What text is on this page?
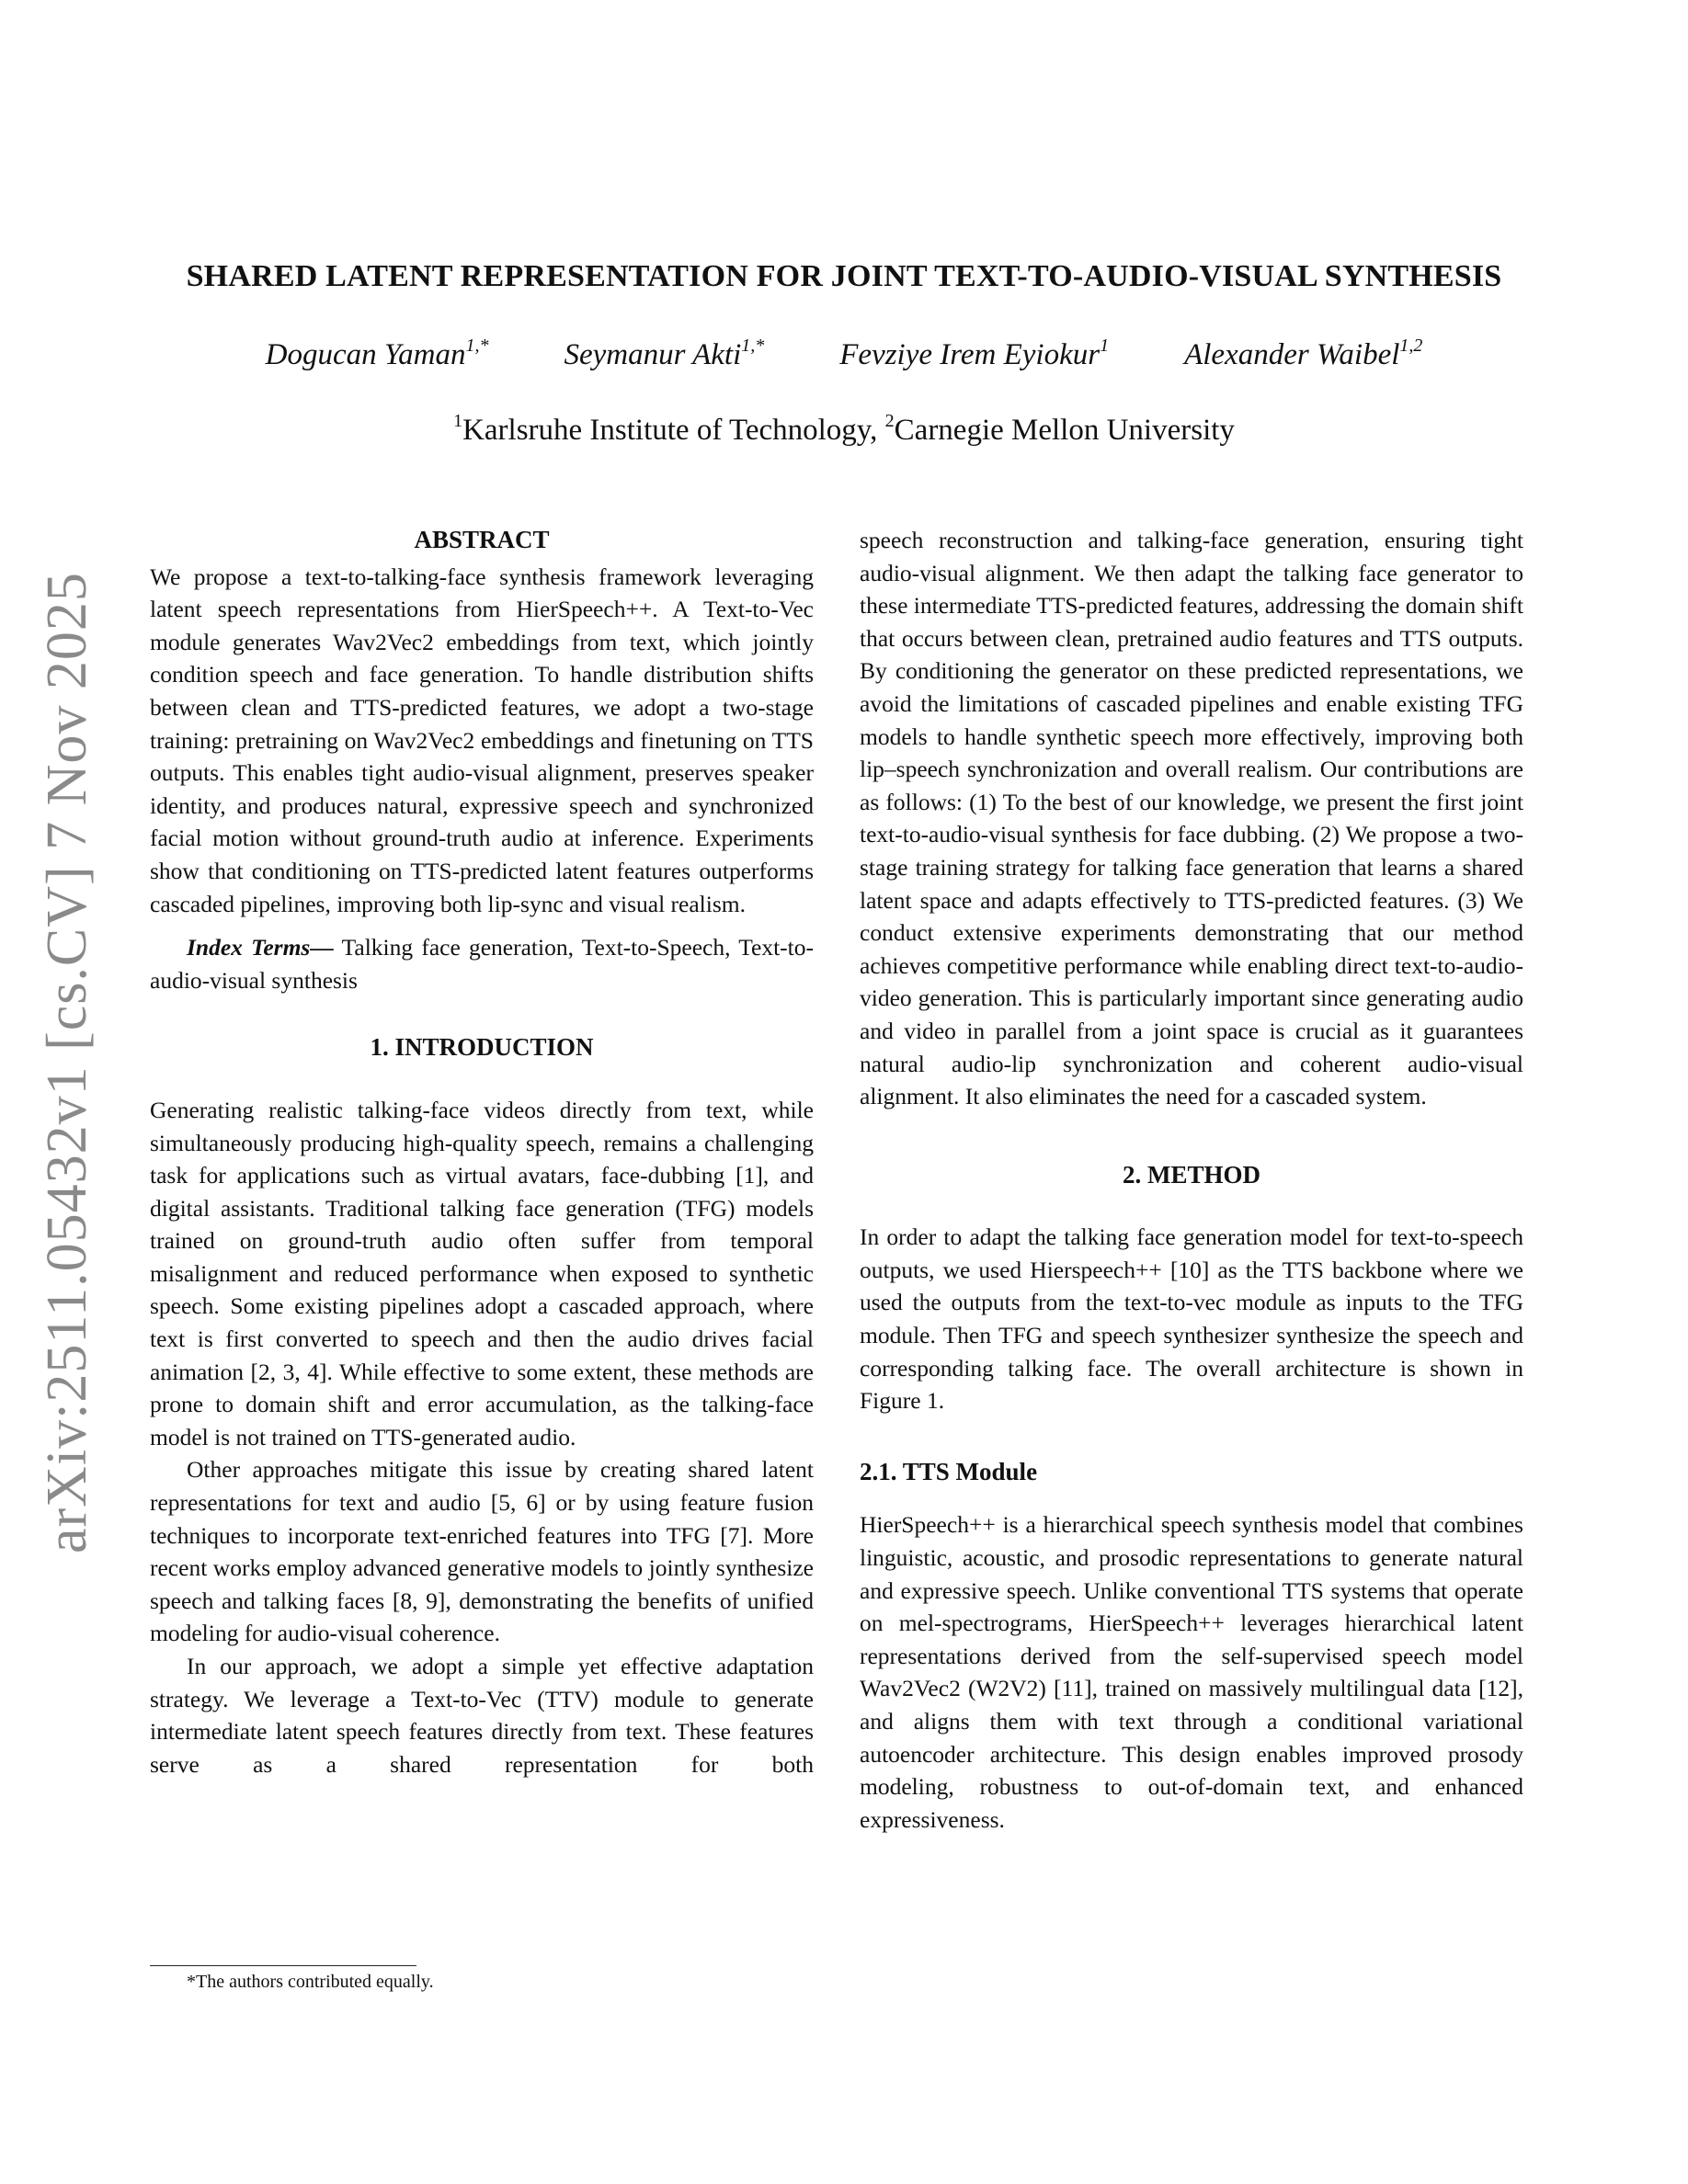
arXiv:2511.05432v1 [cs.CV] 7 Nov 2025
SHARED LATENT REPRESENTATION FOR JOINT TEXT-TO-AUDIO-VISUAL SYNTHESIS
Dogucan Yaman$^{1,*}$ Seymanur Akti$^{1,*}$ Fevziye Irem Eyiokur$^1$ Alexander Waibel$^{1,2}$
$^1$Karlsruhe Institute of Technology, $^2$Carnegie Mellon University
ABSTRACT

We propose a text-to-talking-face synthesis framework leveraging latent speech representations from HierSpeech++. A Text-to-Vec module generates Wav2Vec2 embeddings from text, which jointly condition speech and face generation. To handle distribution shifts between clean and TTS-predicted features, we adopt a two-stage training: pretraining on Wav2Vec2 embeddings and finetuning on TTS outputs. This enables tight audio-visual alignment, preserves speaker identity, and produces natural, expressive speech and synchronized facial motion without ground-truth audio at inference. Experiments show that conditioning on TTS-predicted latent features outperforms cascaded pipelines, improving both lip-sync and visual realism.

Index Terms— Talking face generation, Text-to-Speech, Text-to-audio-visual synthesis

1. INTRODUCTION

Generating realistic talking-face videos directly from text, while simultaneously producing high-quality speech, remains a challenging task for applications such as virtual avatars, face-dubbing [1], and digital assistants. Traditional talking face generation (TFG) models trained on ground-truth audio often suffer from temporal misalignment and reduced performance when exposed to synthetic speech. Some existing pipelines adopt a cascaded approach, where text is first converted to speech and then the audio drives facial animation [2, 3, 4]. While effective to some extent, these methods are prone to domain shift and error accumulation, as the talking-face model is not trained on TTS-generated audio.

Other approaches mitigate this issue by creating shared latent representations for text and audio [5, 6] or by using feature fusion techniques to incorporate text-enriched features into TFG [7]. More recent works employ advanced generative models to jointly synthesize speech and talking faces [8, 9], demonstrating the benefits of unified modeling for audio-visual coherence.

In our approach, we adopt a simple yet effective adaptation strategy. We leverage a Text-to-Vec (TTV) module to generate intermediate latent speech features directly from text. These features serve as a shared representation for both

speech reconstruction and talking-face generation, ensuring tight audio-visual alignment. We then adapt the talking face generator to these intermediate TTS-predicted features, addressing the domain shift that occurs between clean, pretrained audio features and TTS outputs. By conditioning the generator on these predicted representations, we avoid the limitations of cascaded pipelines and enable existing TFG models to handle synthetic speech more effectively, improving both lip–speech synchronization and overall realism. Our contributions are as follows: (1) To the best of our knowledge, we present the first joint text-to-audio-visual synthesis for face dubbing. (2) We propose a two-stage training strategy for talking face generation that learns a shared latent space and adapts effectively to TTS-predicted features. (3) We conduct extensive experiments demonstrating that our method achieves competitive performance while enabling direct text-to-audio-video generation. This is particularly important since generating audio and video in parallel from a joint space is crucial as it guarantees natural audio-lip synchronization and coherent audio-visual alignment. It also eliminates the need for a cascaded system.

2. METHOD

In order to adapt the talking face generation model for text-to-speech outputs, we used Hierspeech++ [10] as the TTS backbone where we used the outputs from the text-to-vec module as inputs to the TFG module. Then TFG and speech synthesizer synthesize the speech and corresponding talking face. The overall architecture is shown in Figure 1.

2.1. TTS Module

HierSpeech++ is a hierarchical speech synthesis model that combines linguistic, acoustic, and prosodic representations to generate natural and expressive speech. Unlike conventional TTS systems that operate on mel-spectrograms, HierSpeech++ leverages hierarchical latent representations derived from the self-supervised speech model Wav2Vec2 (W2V2) [11], trained on massively multilingual data [12], and aligns them with text through a conditional variational autoencoder architecture. This design enables improved prosody modeling, robustness to out-of-domain text, and enhanced expressiveness.

*The authors contributed equally.
